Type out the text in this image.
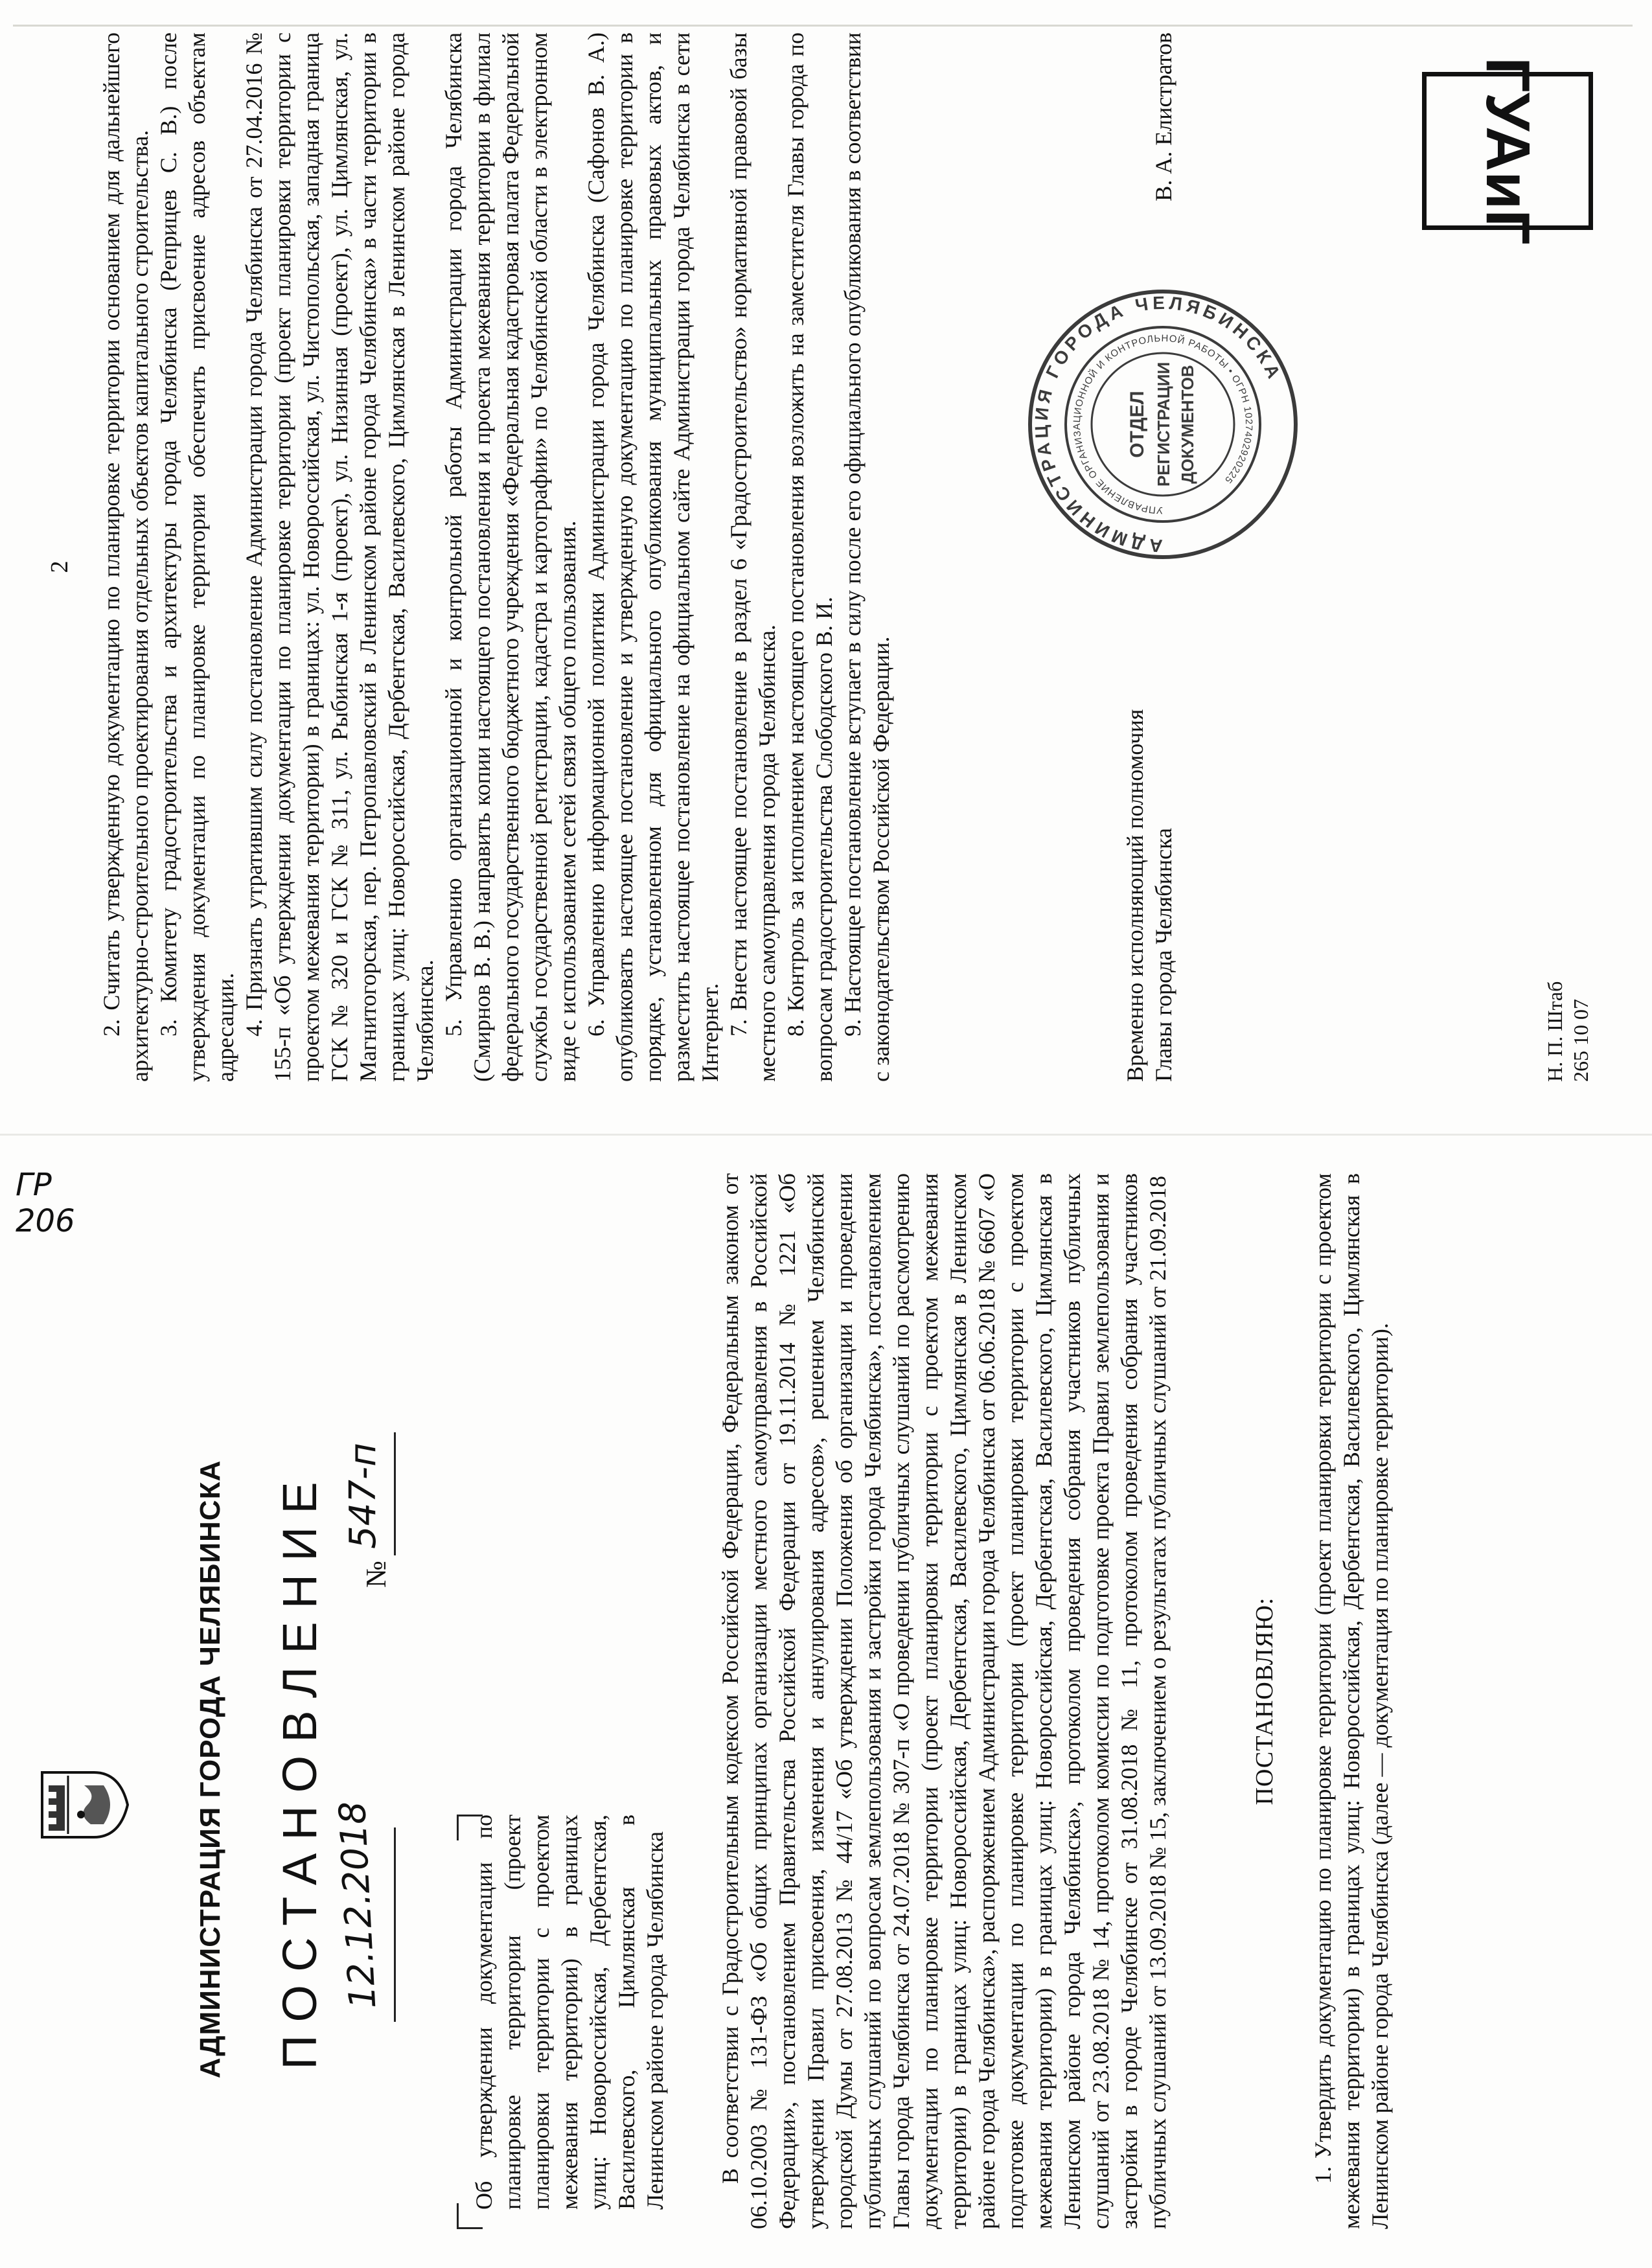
АДМИНИСТРАЦИЯ ГОРОДА ЧЕЛЯБИНСКА ПОСТАНОВЛЕНИЕ 12.12.2018
№
547-п
ГР 206
Об утверждении документации по планировке территории (проект планировки территории с проектом межевания территории) в границах улиц: Новороссийская, Дербентская, Василевского, Цимлянская в Ленинском районе города Челябинска В соответствии с Градостроительным кодексом Российской Федерации, Федеральным законом от 06.10.2003 № 131-ФЗ «Об общих принципах организации местного самоуправления в Российской Федерации», постановлением Правительства Российской Федерации от 19.11.2014 № 1221 «Об утверждении Правил присвоения, изменения и аннулирования адресов», решением Челябинской городской Думы от 27.08.2013 № 44/17 «Об утверждении Положения об организации и проведении публичных слушаний по вопросам землепользования и застройки города Челябинска», постановлением Главы города Челябинска от 24.07.2018 № 307-п «О проведении публичных слушаний по рассмотрению документации по планировке территории (проект планировки территории с проектом межевания территории) в границах улиц: Новороссийская, Дербентская, Василевского, Цимлянская в Ленинском районе города Челябинска», распоряжением Администрации города Челябинска от 06.06.2018 № 6607 «О подготовке документации по планировке территории (проект планировки территории с проектом межевания территории) в границах улиц: Новороссийская, Дербентская, Василевского, Цимлянская в Ленинском районе города Челябинска», протоколом проведения собрания участников публичных слушаний от 23.08.2018 № 14, протоколом комиссии по подготовке проекта Правил землепользования и застройки в городе Челябинске от 31.08.2018 № 11, протоколом проведения собрания участников публичных слушаний от 13.09.2018 № 15, заключением о результатах публичных слушаний от 21.09.2018	ПОСТАНОВЛЯЮ: 1. Утвердить документацию по планировке территории (проект планировки территории с проектом межевания территории) в границах улиц: Новороссийская, Дербентская, Василевского, Цимлянская в Ленинском районе города Челябинска (далее — документация по планировке территории).

2 2. Считать утвержденную документацию по планировке территории основанием для дальнейшего архитектурно-строительного проектирования отдельных объектов капитального строительства. 3. Комитету градостроительства и архитектуры города Челябинска (Реприцев С. В.) после утверждения документации по планировке территории обеспечить присвоение адресов объектам адресации. 4. Признать утратившим силу постановление Администрации города Челябинска от 27.04.2016 № 155-п «Об утверждении документации по планировке территории (проект планировки территории с проектом межевания территории) в границах: ул. Новороссийская, ул. Чистопольская, западная граница ГСК № 320 и ГСК № 311, ул. Рыбинская 1-я (проект), ул. Низинная (проект), ул. Цимлянская, ул. Магнитогорская, пер. Петропавловский в Ленинском районе города Челябинска» в части территории в границах улиц: Новороссийская, Дербентская, Василевского, Цимлянская в Ленинском районе города Челябинска. 5. Управлению организационной и контрольной работы Администрации города Челябинска (Смирнов В. В.) направить копии настоящего постановления и проекта межевания территории в филиал федерального государственного бюджетного учреждения «Федеральная кадастровая палата Федеральной службы государственной регистрации, кадастра и картографии» по Челябинской области в электронном виде с использованием сетей связи общего пользования. 6. Управлению информационной политики Администрации города Челябинска (Сафонов В. А.) опубликовать настоящее постановление и утвержденную документацию по планировке территории в порядке, установленном для официального опубликования муниципальных правовых актов, и разместить настоящее постановление на официальном сайте Администрации города Челябинска в сети Интернет. 7. Внести настоящее постановление в раздел 6 «Градостроительство» нормативной правовой базы местного самоуправления города Челябинска. 8. Контроль за исполнением настоящего постановления возложить на заместителя Главы города по вопросам градостроительства Слободского В. И. 9. Настоящее постановление вступает в силу после его официального опубликования в соответствии с законодательством Российской Федерации.

АДМИНИСТРАЦИЯ ГОРОДА ЧЕЛЯБИНСКА
УПРАВЛЕНИЕ ОРГАНИЗАЦИОННОЙ И КОНТРОЛЬНОЙ РАБОТЫ • ОГРН 1027402920225
ОТДЕЛ РЕГИСТРАЦИИ ДОКУМЕНТОВ
Временно исполняющий полномочия Главы города Челябинска
В. А. Елистратов
Н. П. Штаб 265 10 07
ГУАиГ
